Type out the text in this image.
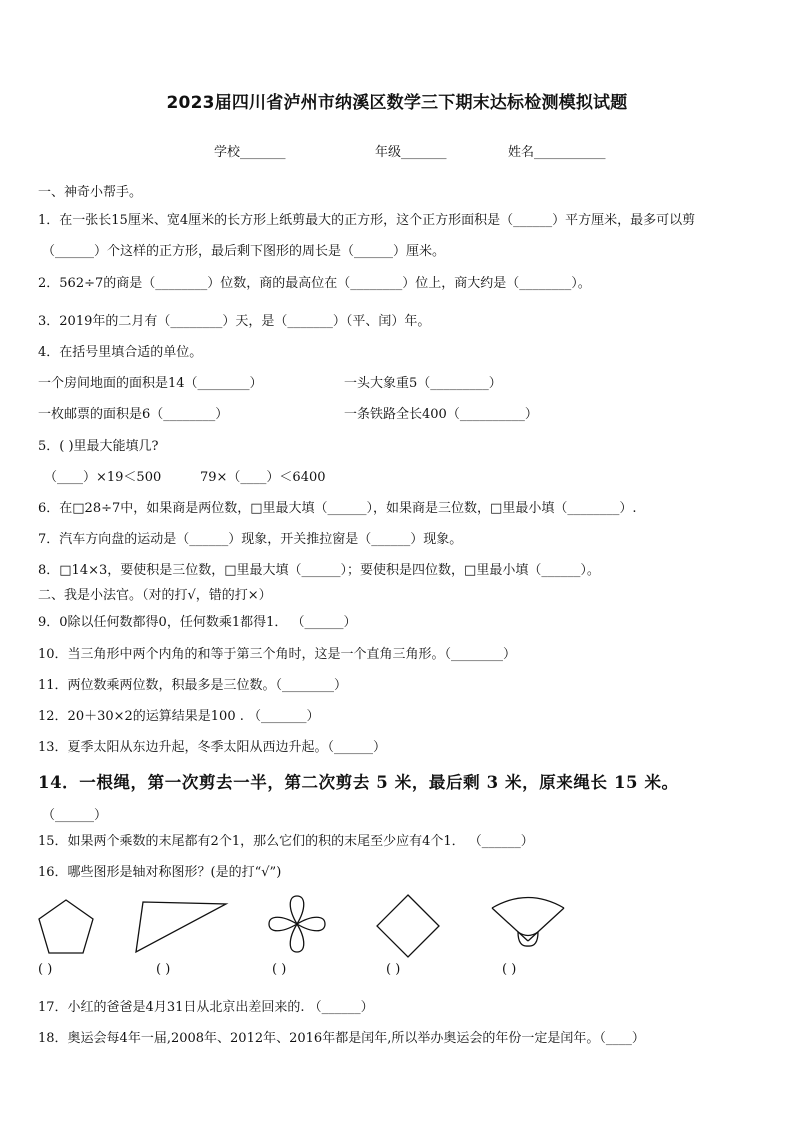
2023届四川省泸州市纳溪区数学三下期末达标检测模拟试题
学校_______	年级_______	姓名___________
一、神奇小帮手。
1．在一张长15厘米、宽4厘米的长方形上纸剪最大的正方形，这个正方形面积是（______）平方厘米，最多可以剪
（______）个这样的正方形，最后剩下图形的周长是（______）厘米。
2．562÷7的商是（________）位数，商的最高位在（________）位上，商大约是（________）。
3．2019年的二月有（________）天，是（_______）（平、闰）年。
4．在括号里填合适的单位。
一个房间地面的面积是14（________）	一头大象重5（_________）
一枚邮票的面积是6（________）	一条铁路全长400（__________）
5．( )里最大能填几?
（____）×19＜500	79×（____）＜6400
6．在□28÷7中，如果商是两位数，□里最大填（______），如果商是三位数，□里最小填（________）.
7．汽车方向盘的运动是（______）现象，开关推拉窗是（______）现象。
8．□14×3，要使积是三位数，□里最大填（______）；要使积是四位数，□里最小填（______）。
二、我是小法官。（对的打√，错的打×）
9．0除以任何数都得0，任何数乘1都得1． （______）
10．当三角形中两个内角的和等于第三个角时，这是一个直角三角形。（________）
11．两位数乘两位数，积最多是三位数。（________）
12．20＋30×2的运算结果是100 . （_______）
13．夏季太阳从东边升起，冬季太阳从西边升起。（______）
14．一根绳，第一次剪去一半，第二次剪去 5 米，最后剩 3 米，原来绳长 15 米。
（______）
15．如果两个乘数的末尾都有2个1，那么它们的积的末尾至少应有4个1． （______）
16．哪些图形是轴对称图形？(是的打“√”)
( )	( )	( )	( )	( )
17．小红的爸爸是4月31日从北京出差回来的. （______）
18．奥运会每4年一届,2008年、2012年、2016年都是闰年,所以举办奥运会的年份一定是闰年。（____）
